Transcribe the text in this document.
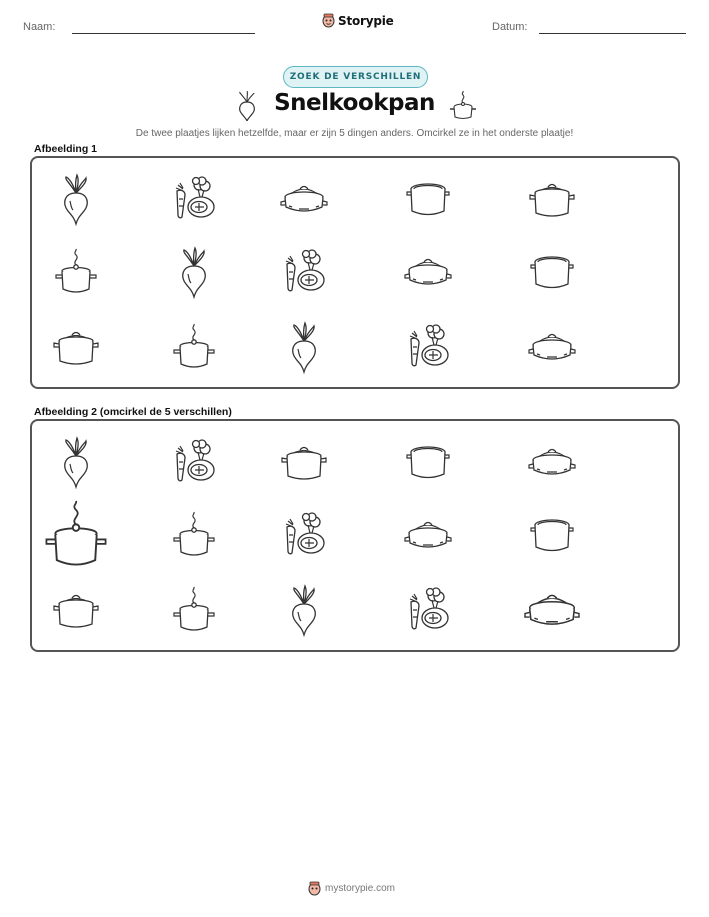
Naam:	Storypie	Datum:
ZOEK DE VERSCHILLEN
Snelkookpan
De twee plaatjes lijken hetzelfde, maar er zijn 5 dingen anders. Omcirkel ze in het onderste plaatje!
Afbeelding 1
Afbeelding 2 (omcirkel de 5 verschillen)
mystorypie.com
